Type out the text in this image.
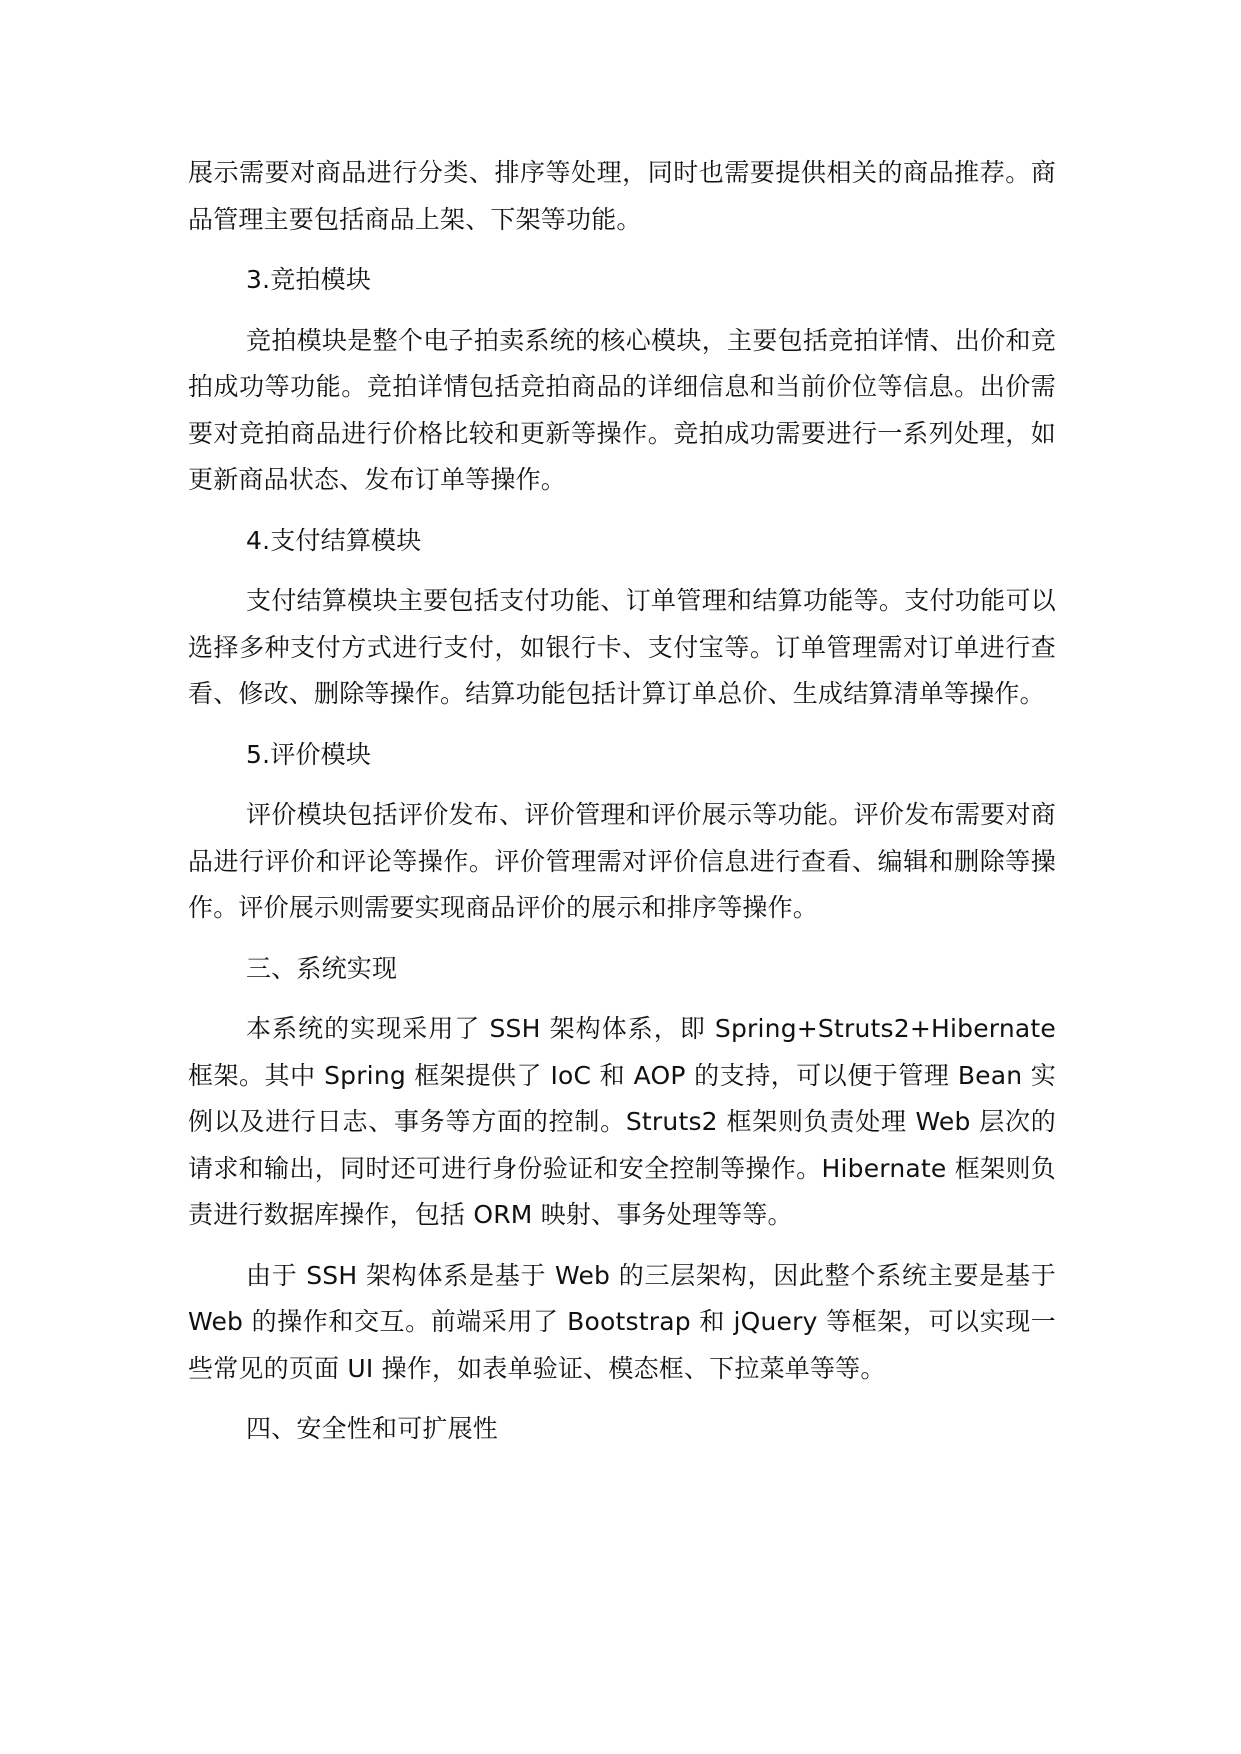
展示需要对商品进行分类、排序等处理，同时也需要提供相关的商品推荐。商品管理主要包括商品上架、下架等功能。

3.竞拍模块

竞拍模块是整个电子拍卖系统的核心模块，主要包括竞拍详情、出价和竞拍成功等功能。竞拍详情包括竞拍商品的详细信息和当前价位等信息。出价需要对竞拍商品进行价格比较和更新等操作。竞拍成功需要进行一系列处理，如更新商品状态、发布订单等操作。

4.支付结算模块

支付结算模块主要包括支付功能、订单管理和结算功能等。支付功能可以选择多种支付方式进行支付，如银行卡、支付宝等。订单管理需对订单进行查看、修改、删除等操作。结算功能包括计算订单总价、生成结算清单等操作。

5.评价模块

评价模块包括评价发布、评价管理和评价展示等功能。评价发布需要对商品进行评价和评论等操作。评价管理需对评价信息进行查看、编辑和删除等操作。评价展示则需要实现商品评价的展示和排序等操作。

三、系统实现

本系统的实现采用了 SSH 架构体系，即 Spring+Struts2+Hibernate 框架。其中 Spring 框架提供了 IoC 和 AOP 的支持，可以便于管理 Bean 实例以及进行日志、事务等方面的控制。Struts2 框架则负责处理 Web 层次的请求和输出，同时还可进行身份验证和安全控制等操作。Hibernate 框架则负责进行数据库操作，包括 ORM 映射、事务处理等等。

由于 SSH 架构体系是基于 Web 的三层架构，因此整个系统主要是基于 Web 的操作和交互。前端采用了 Bootstrap 和 jQuery 等框架，可以实现一些常见的页面 UI 操作，如表单验证、模态框、下拉菜单等等。

四、安全性和可扩展性
